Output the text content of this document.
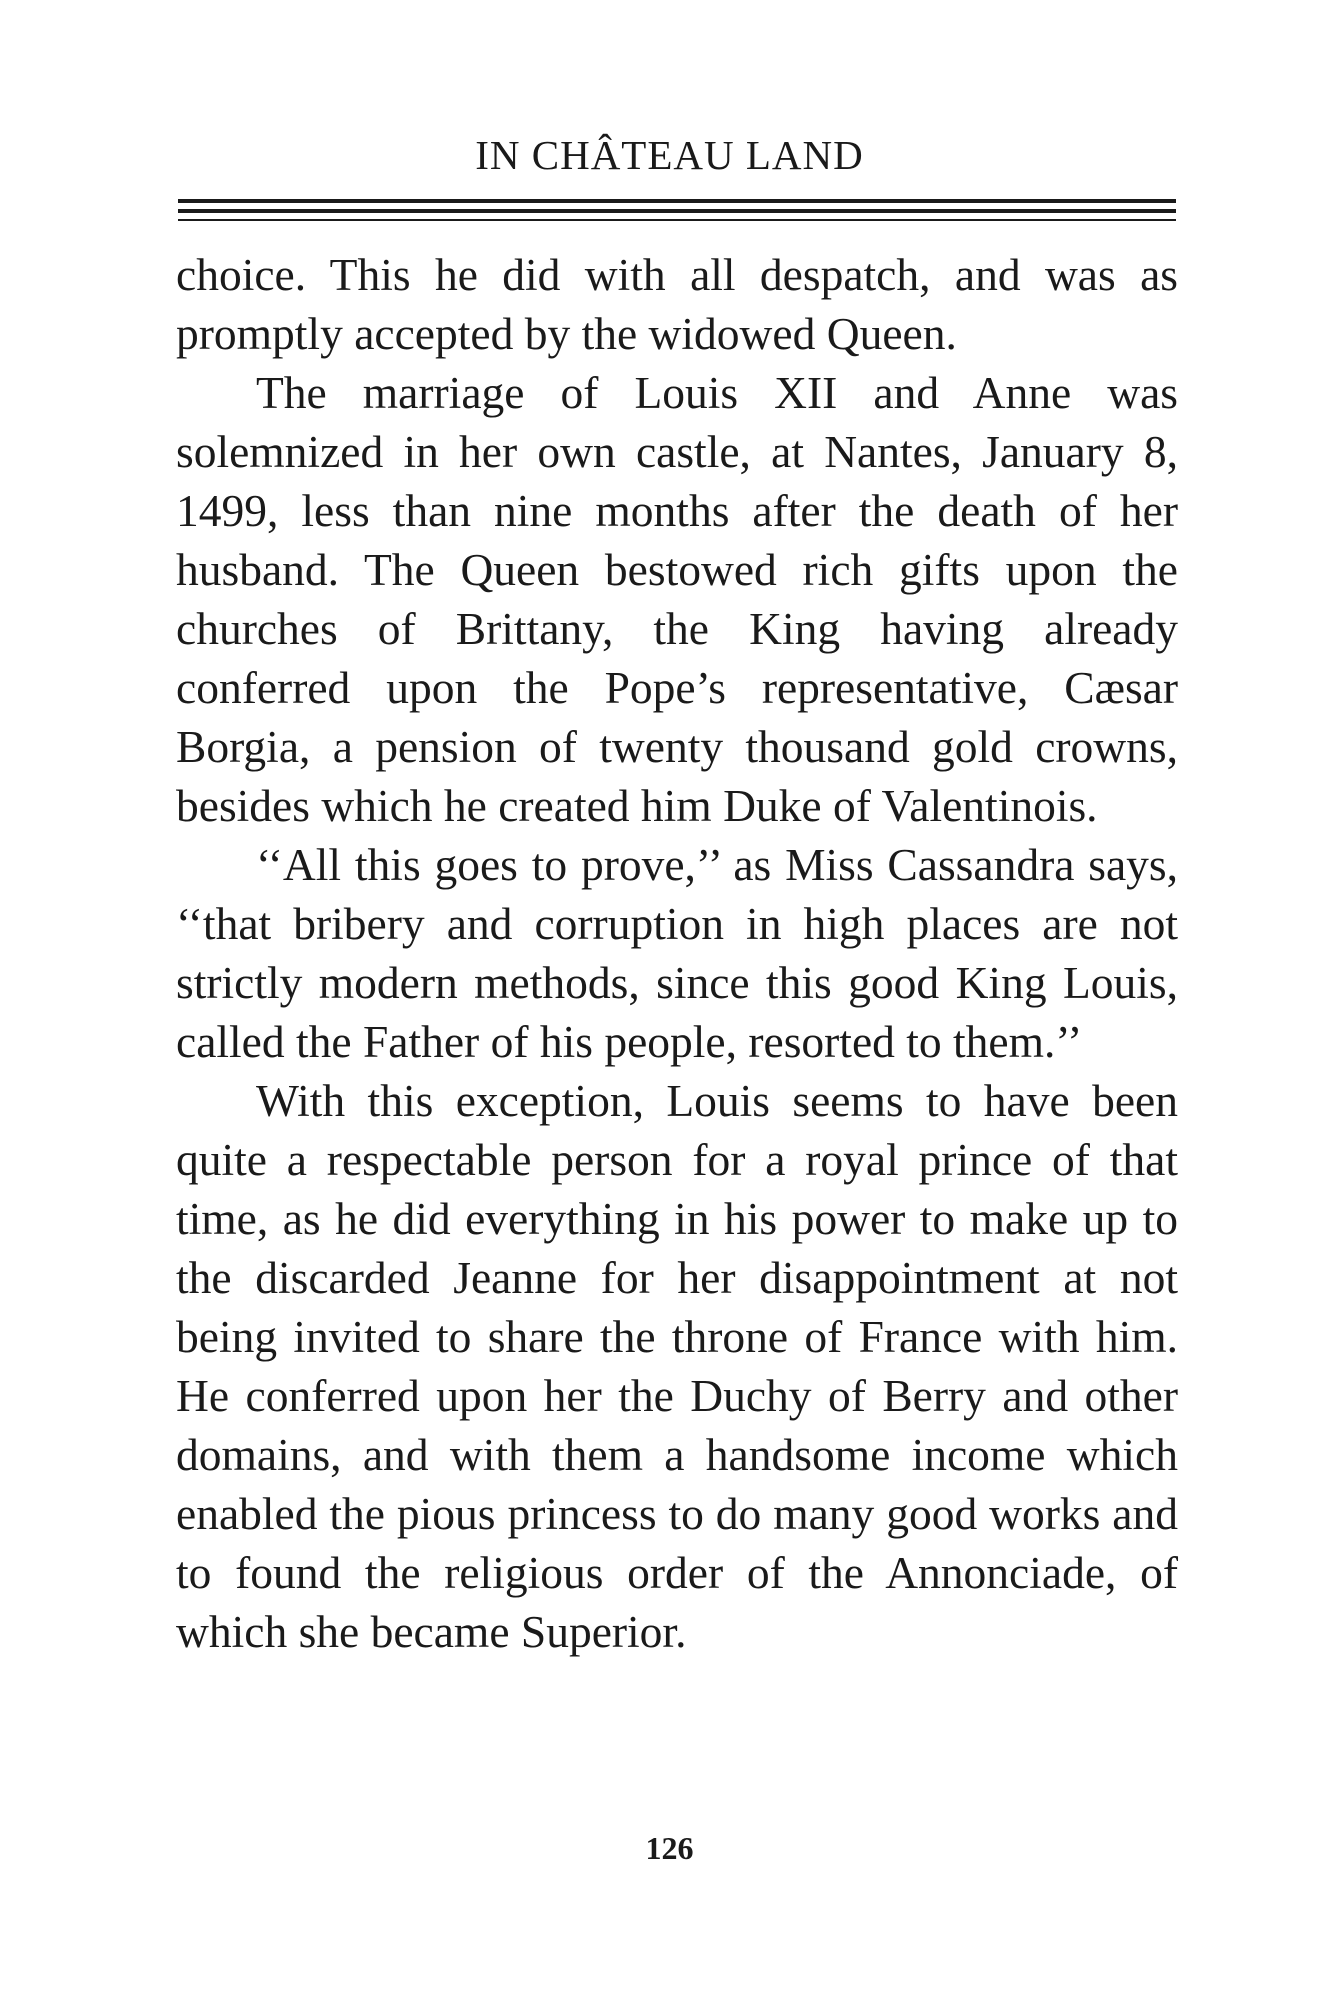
IN CHÂTEAU LAND

choice. This he did with all despatch, and was as promptly accepted by the widowed Queen.

The marriage of Louis XII and Anne was solemnized in her own castle, at Nantes, January 8, 1499, less than nine months after the death of her husband. The Queen bestowed rich gifts upon the churches of Brittany, the King having already conferred upon the Pope’s representative, Cæsar Borgia, a pension of twenty thousand gold crowns, besides which he created him Duke of Valentinois.

‘‘All this goes to prove,’’ as Miss Cassandra says, ‘‘that bribery and corruption in high places are not strictly modern methods, since this good King Louis, called the Father of his people, resorted to them.’’

With this exception, Louis seems to have been quite a respectable person for a royal prince of that time, as he did everything in his power to make up to the discarded Jeanne for her disappointment at not being invited to share the throne of France with him. He conferred upon her the Duchy of Berry and other domains, and with them a handsome income which enabled the pious princess to do many good works and to found the religious order of the Annonciade, of which she became Superior.

126
